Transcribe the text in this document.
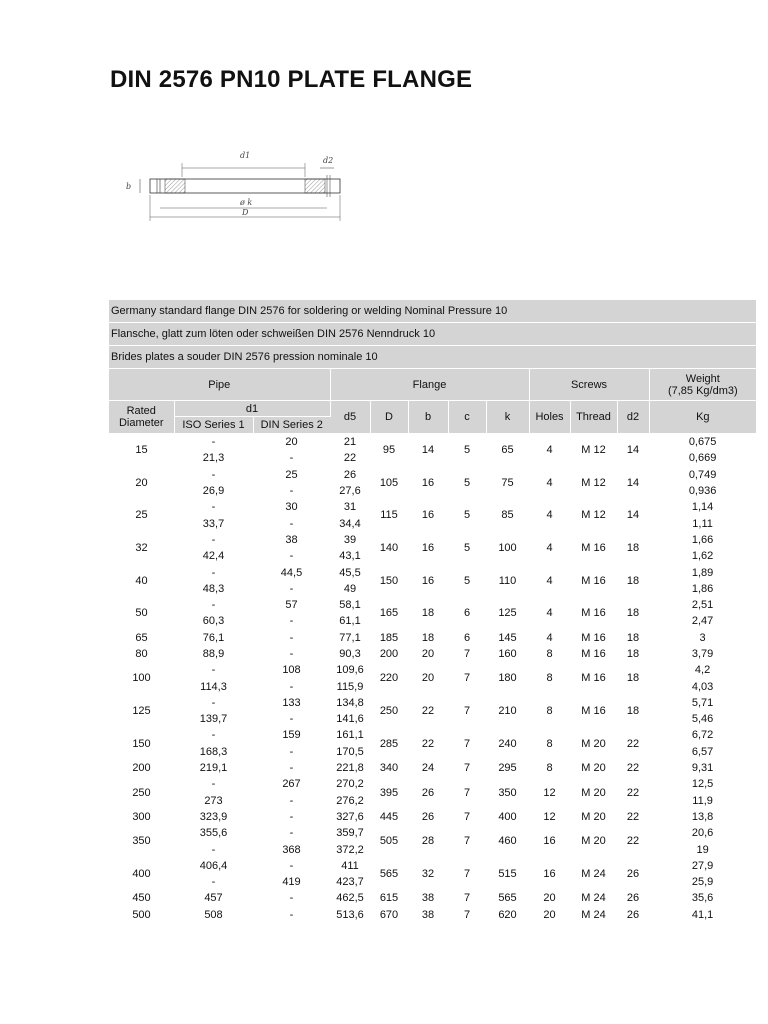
DIN 2576 PN10 PLATE FLANGE
d1
d2
b
ø k
D
Germany standard flange DIN 2576 for soldering or welding Nominal Pressure 10											
Flansche, glatt zum löten oder schweißen DIN 2576 Nenndruck 10											
Brides plates a souder DIN 2576 pression nominale 10											
Pipe			Flange					Screws			Weight
(7,85 Kg/dm3)

Rated
Diameter	d1		d5	D	b	c	k	Holes	Thread	d2	Kg
	ISO Series 1	DIN Series 2									
15	-	20	21	95	14	5	65	4	M 12	14	0,675
	21,3	-	22								0,669
20	-	25	26	105	16	5	75	4	M 12	14	0,749
	26,9	-	27,6								0,936
25	-	30	31	115	16	5	85	4	M 12	14	1,14
	33,7	-	34,4								1,11
32	-	38	39	140	16	5	100	4	M 16	18	1,66
	42,4	-	43,1								1,62
40	-	44,5	45,5	150	16	5	110	4	M 16	18	1,89
	48,3	-	49								1,86
50	-	57	58,1	165	18	6	125	4	M 16	18	2,51
	60,3	-	61,1								2,47
65	76,1	-	77,1	185	18	6	145	4	M 16	18	3
80	88,9	-	90,3	200	20	7	160	8	M 16	18	3,79
100	-	108	109,6	220	20	7	180	8	M 16	18	4,2
	114,3	-	115,9								4,03
125	-	133	134,8	250	22	7	210	8	M 16	18	5,71
	139,7	-	141,6								5,46
150	-	159	161,1	285	22	7	240	8	M 20	22	6,72
	168,3	-	170,5								6,57
200	219,1	-	221,8	340	24	7	295	8	M 20	22	9,31
250	-	267	270,2	395	26	7	350	12	M 20	22	12,5
	273	-	276,2								11,9
300	323,9	-	327,6	445	26	7	400	12	M 20	22	13,8
350	355,6	-	359,7	505	28	7	460	16	M 20	22	20,6
	-	368	372,2								19
400	406,4	-	411	565	32	7	515	16	M 24	26	27,9
	-	419	423,7								25,9
450	457	-	462,5	615	38	7	565	20	M 24	26	35,6
500	508	-	513,6	670	38	7	620	20	M 24	26	41,1
